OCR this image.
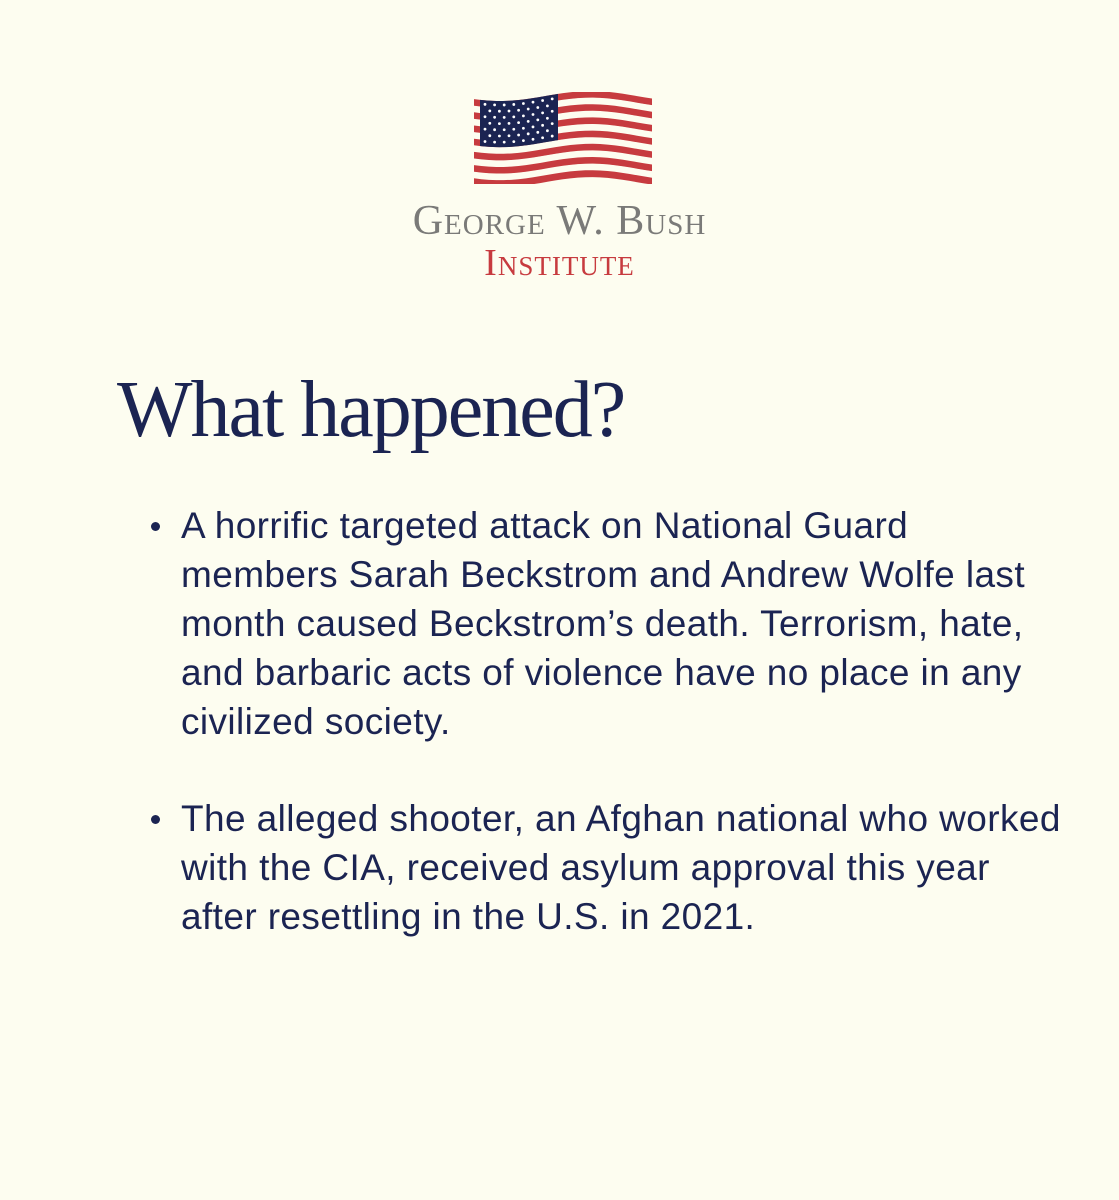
George W. Bush
Institute
What happened?
A horrific targeted attack on National Guard members Sarah Beckstrom and Andrew Wolfe last month caused Beckstrom’s death. Terrorism, hate, and barbaric acts of violence have no place in any civilized society.
The alleged shooter, an Afghan national who worked with the CIA, received asylum approval this year after resettling in the U.S. in 2021.
